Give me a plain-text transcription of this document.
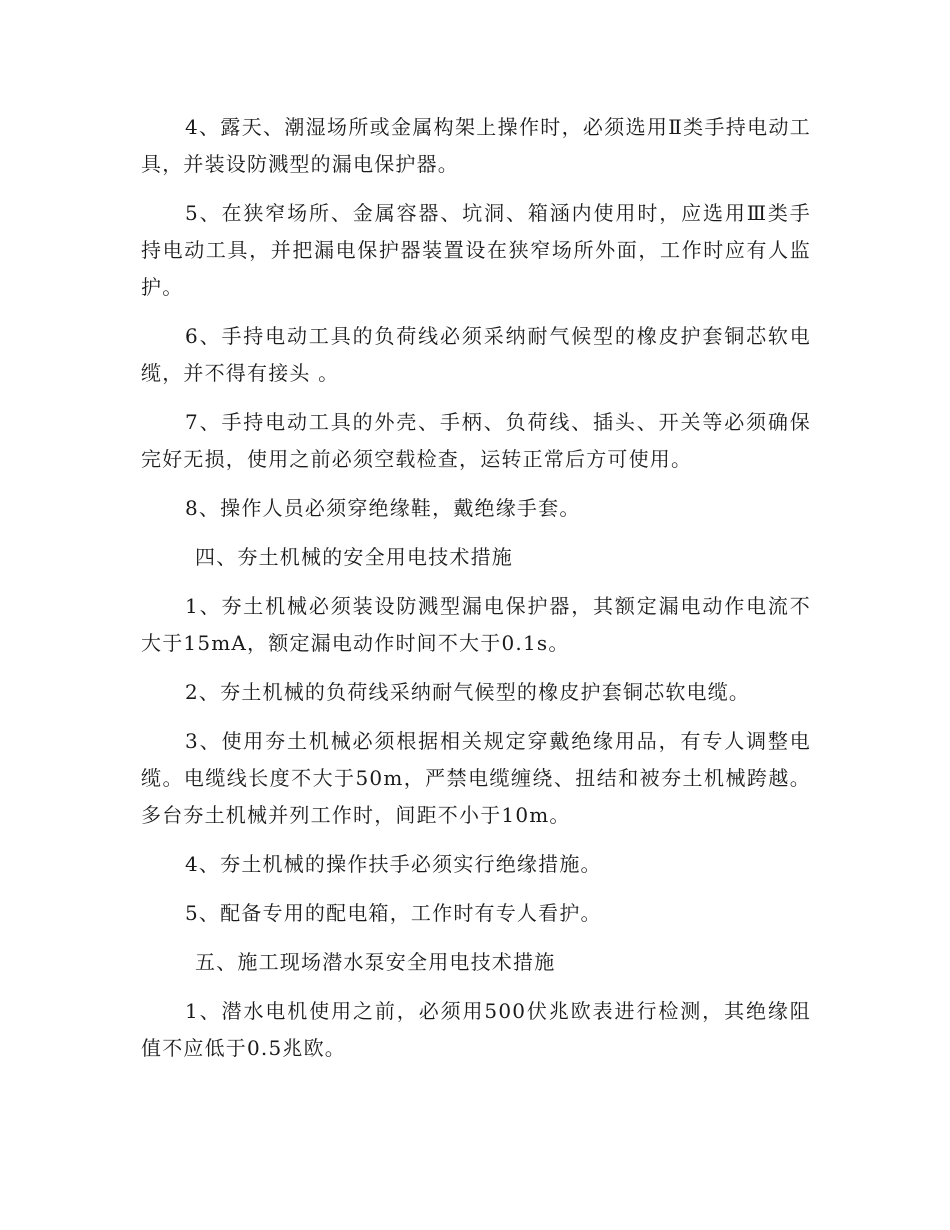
4、露天、潮湿场所或金属构架上操作时，必须选用Ⅱ类手持电动工具，并装设防溅型的漏电保护器。

5、在狭窄场所、金属容器、坑洞、箱涵内使用时，应选用Ⅲ类手持电动工具，并把漏电保护器装置设在狭窄场所外面，工作时应有人监护。

6、手持电动工具的负荷线必须采纳耐气候型的橡皮护套铜芯软电缆，并不得有接头 。

7、手持电动工具的外壳、手柄、负荷线、插头、开关等必须确保完好无损，使用之前必须空载检查，运转正常后方可使用。

8、操作人员必须穿绝缘鞋，戴绝缘手套。

四、夯土机械的安全用电技术措施

1、夯土机械必须装设防溅型漏电保护器，其额定漏电动作电流不大于15mA，额定漏电动作时间不大于0.1s。

2、夯土机械的负荷线采纳耐气候型的橡皮护套铜芯软电缆。

3、使用夯土机械必须根据相关规定穿戴绝缘用品，有专人调整电缆。电缆线长度不大于50m，严禁电缆缠绕、扭结和被夯土机械跨越。多台夯土机械并列工作时，间距不小于10m。

4、夯土机械的操作扶手必须实行绝缘措施。

5、配备专用的配电箱，工作时有专人看护。

五、施工现场潜水泵安全用电技术措施

1、潜水电机使用之前，必须用500伏兆欧表进行检测，其绝缘阻值不应低于0.5兆欧。
